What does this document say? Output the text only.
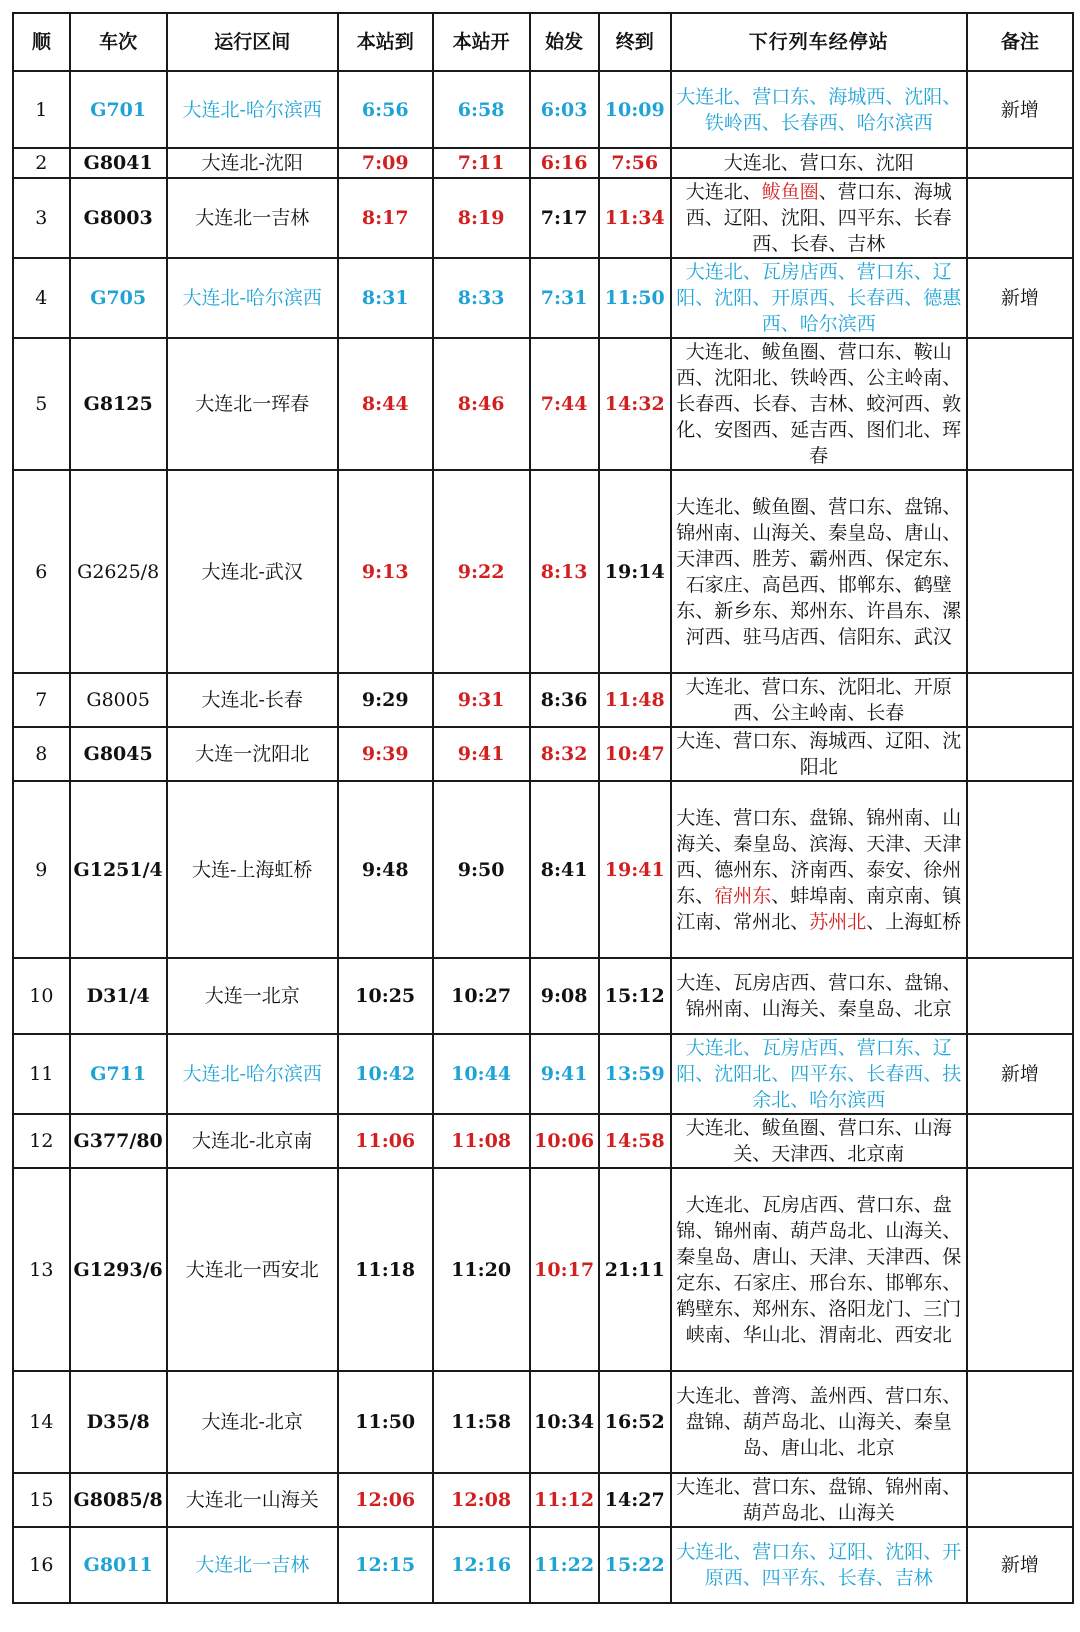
顺	车次	运行区间	本站到	本站开	始发	终到	下行列车经停站	备注
1	G701	大连北-哈尔滨西	6:56	6:58	6:03	10:09	大连北、营口东、海城西、沈阳、铁岭西、长春西、哈尔滨西	新增
2	G8041	大连北-沈阳	7:09	7:11	6:16	7:56	大连北、营口东、沈阳	
3	G8003	大连北一吉林	8:17	8:19	7:17	11:34	大连北、鲅鱼圈、营口东、海城西、辽阳、沈阳、四平东、长春西、长春、吉林	
4	G705	大连北-哈尔滨西	8:31	8:33	7:31	11:50	大连北、瓦房店西、营口东、辽阳、沈阳、开原西、长春西、德惠西、哈尔滨西	新增
5	G8125	大连北一珲春	8:44	8:46	7:44	14:32	大连北、鲅鱼圈、营口东、鞍山西、沈阳北、铁岭西、公主岭南、长春西、长春、吉林、蛟河西、敦化、安图西、延吉西、图们北、珲春	
6	G2625/8	大连北-武汉	9:13	9:22	8:13	19:14	大连北、鲅鱼圈、营口东、盘锦、锦州南、山海关、秦皇岛、唐山、天津西、胜芳、霸州西、保定东、石家庄、高邑西、邯郸东、鹤壁东、新乡东、郑州东、许昌东、漯河西、驻马店西、信阳东、武汉	
7	G8005	大连北-长春	9:29	9:31	8:36	11:48	大连北、营口东、沈阳北、开原西、公主岭南、长春	
8	G8045	大连一沈阳北	9:39	9:41	8:32	10:47	大连、营口东、海城西、辽阳、沈阳北	
9	G1251/4	大连-上海虹桥	9:48	9:50	8:41	19:41	大连、营口东、盘锦、锦州南、山海关、秦皇岛、滨海、天津、天津西、德州东、济南西、泰安、徐州东、宿州东、蚌埠南、南京南、镇江南、常州北、苏州北、上海虹桥	
10	D31/4	大连一北京	10:25	10:27	9:08	15:12	大连、瓦房店西、营口东、盘锦、锦州南、山海关、秦皇岛、北京	
11	G711	大连北-哈尔滨西	10:42	10:44	9:41	13:59	大连北、瓦房店西、营口东、辽阳、沈阳北、四平东、长春西、扶余北、哈尔滨西	新增
12	G377/80	大连北-北京南	11:06	11:08	10:06	14:58	大连北、鲅鱼圈、营口东、山海关、天津西、北京南	
13	G1293/6	大连北一西安北	11:18	11:20	10:17	21:11	大连北、瓦房店西、营口东、盘锦、锦州南、葫芦岛北、山海关、秦皇岛、唐山、天津、天津西、保定东、石家庄、邢台东、邯郸东、鹤壁东、郑州东、洛阳龙门、三门峡南、华山北、渭南北、西安北	
14	D35/8	大连北-北京	11:50	11:58	10:34	16:52	大连北、普湾、盖州西、营口东、盘锦、葫芦岛北、山海关、秦皇岛、唐山北、北京	
15	G8085/8	大连北一山海关	12:06	12:08	11:12	14:27	大连北、营口东、盘锦、锦州南、葫芦岛北、山海关	
16	G8011	大连北一吉林	12:15	12:16	11:22	15:22	大连北、营口东、辽阳、沈阳、开原西、四平东、长春、吉林	新增
